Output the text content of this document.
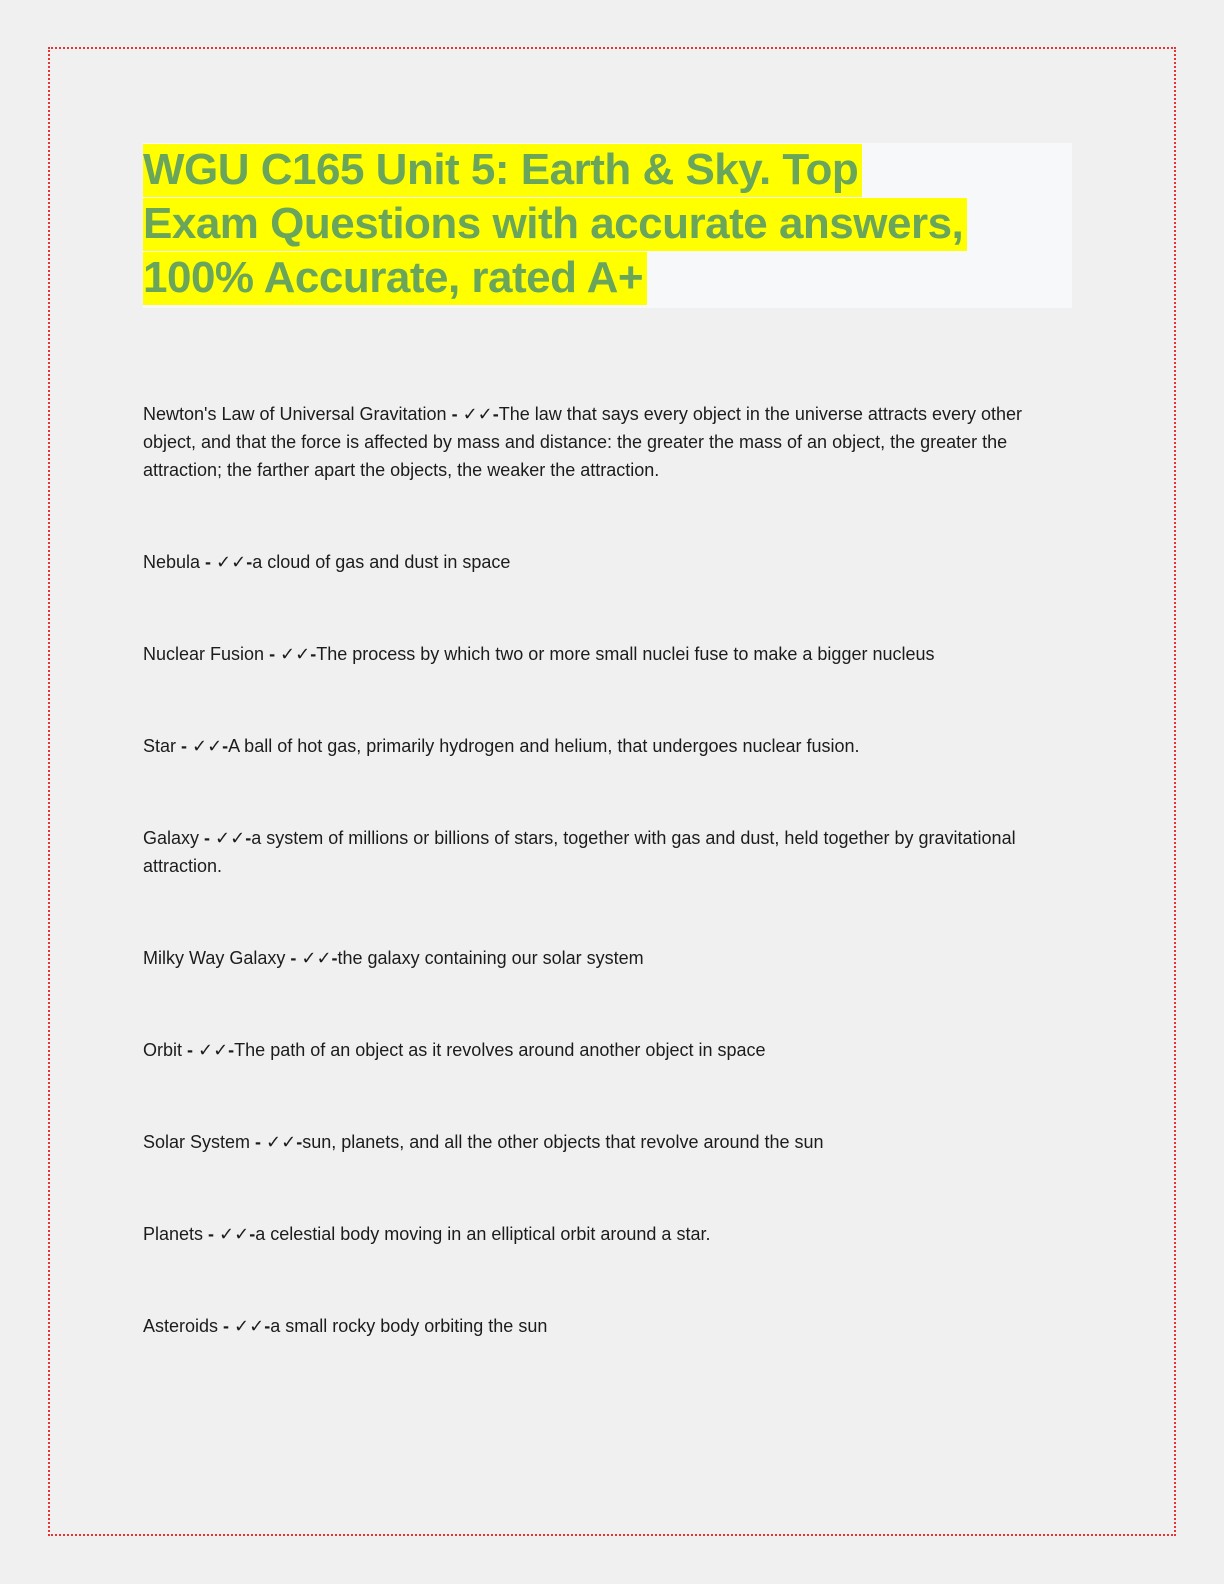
WGU C165 Unit 5: Earth & Sky. Top
Exam Questions with accurate answers,
100% Accurate, rated A+

Newton's Law of Universal Gravitation - ✓✓-The law that says every object in the universe attracts every other object, and that the force is affected by mass and distance: the greater the mass of an object, the greater the attraction; the farther apart the objects, the weaker the attraction.

Nebula - ✓✓-a cloud of gas and dust in space

Nuclear Fusion - ✓✓-The process by which two or more small nuclei fuse to make a bigger nucleus

Star - ✓✓-A ball of hot gas, primarily hydrogen and helium, that undergoes nuclear fusion.

Galaxy - ✓✓-a system of millions or billions of stars, together with gas and dust, held together by gravitational attraction.

Milky Way Galaxy - ✓✓-the galaxy containing our solar system

Orbit - ✓✓-The path of an object as it revolves around another object in space

Solar System - ✓✓-sun, planets, and all the other objects that revolve around the sun

Planets - ✓✓-a celestial body moving in an elliptical orbit around a star.

Asteroids - ✓✓-a small rocky body orbiting the sun
